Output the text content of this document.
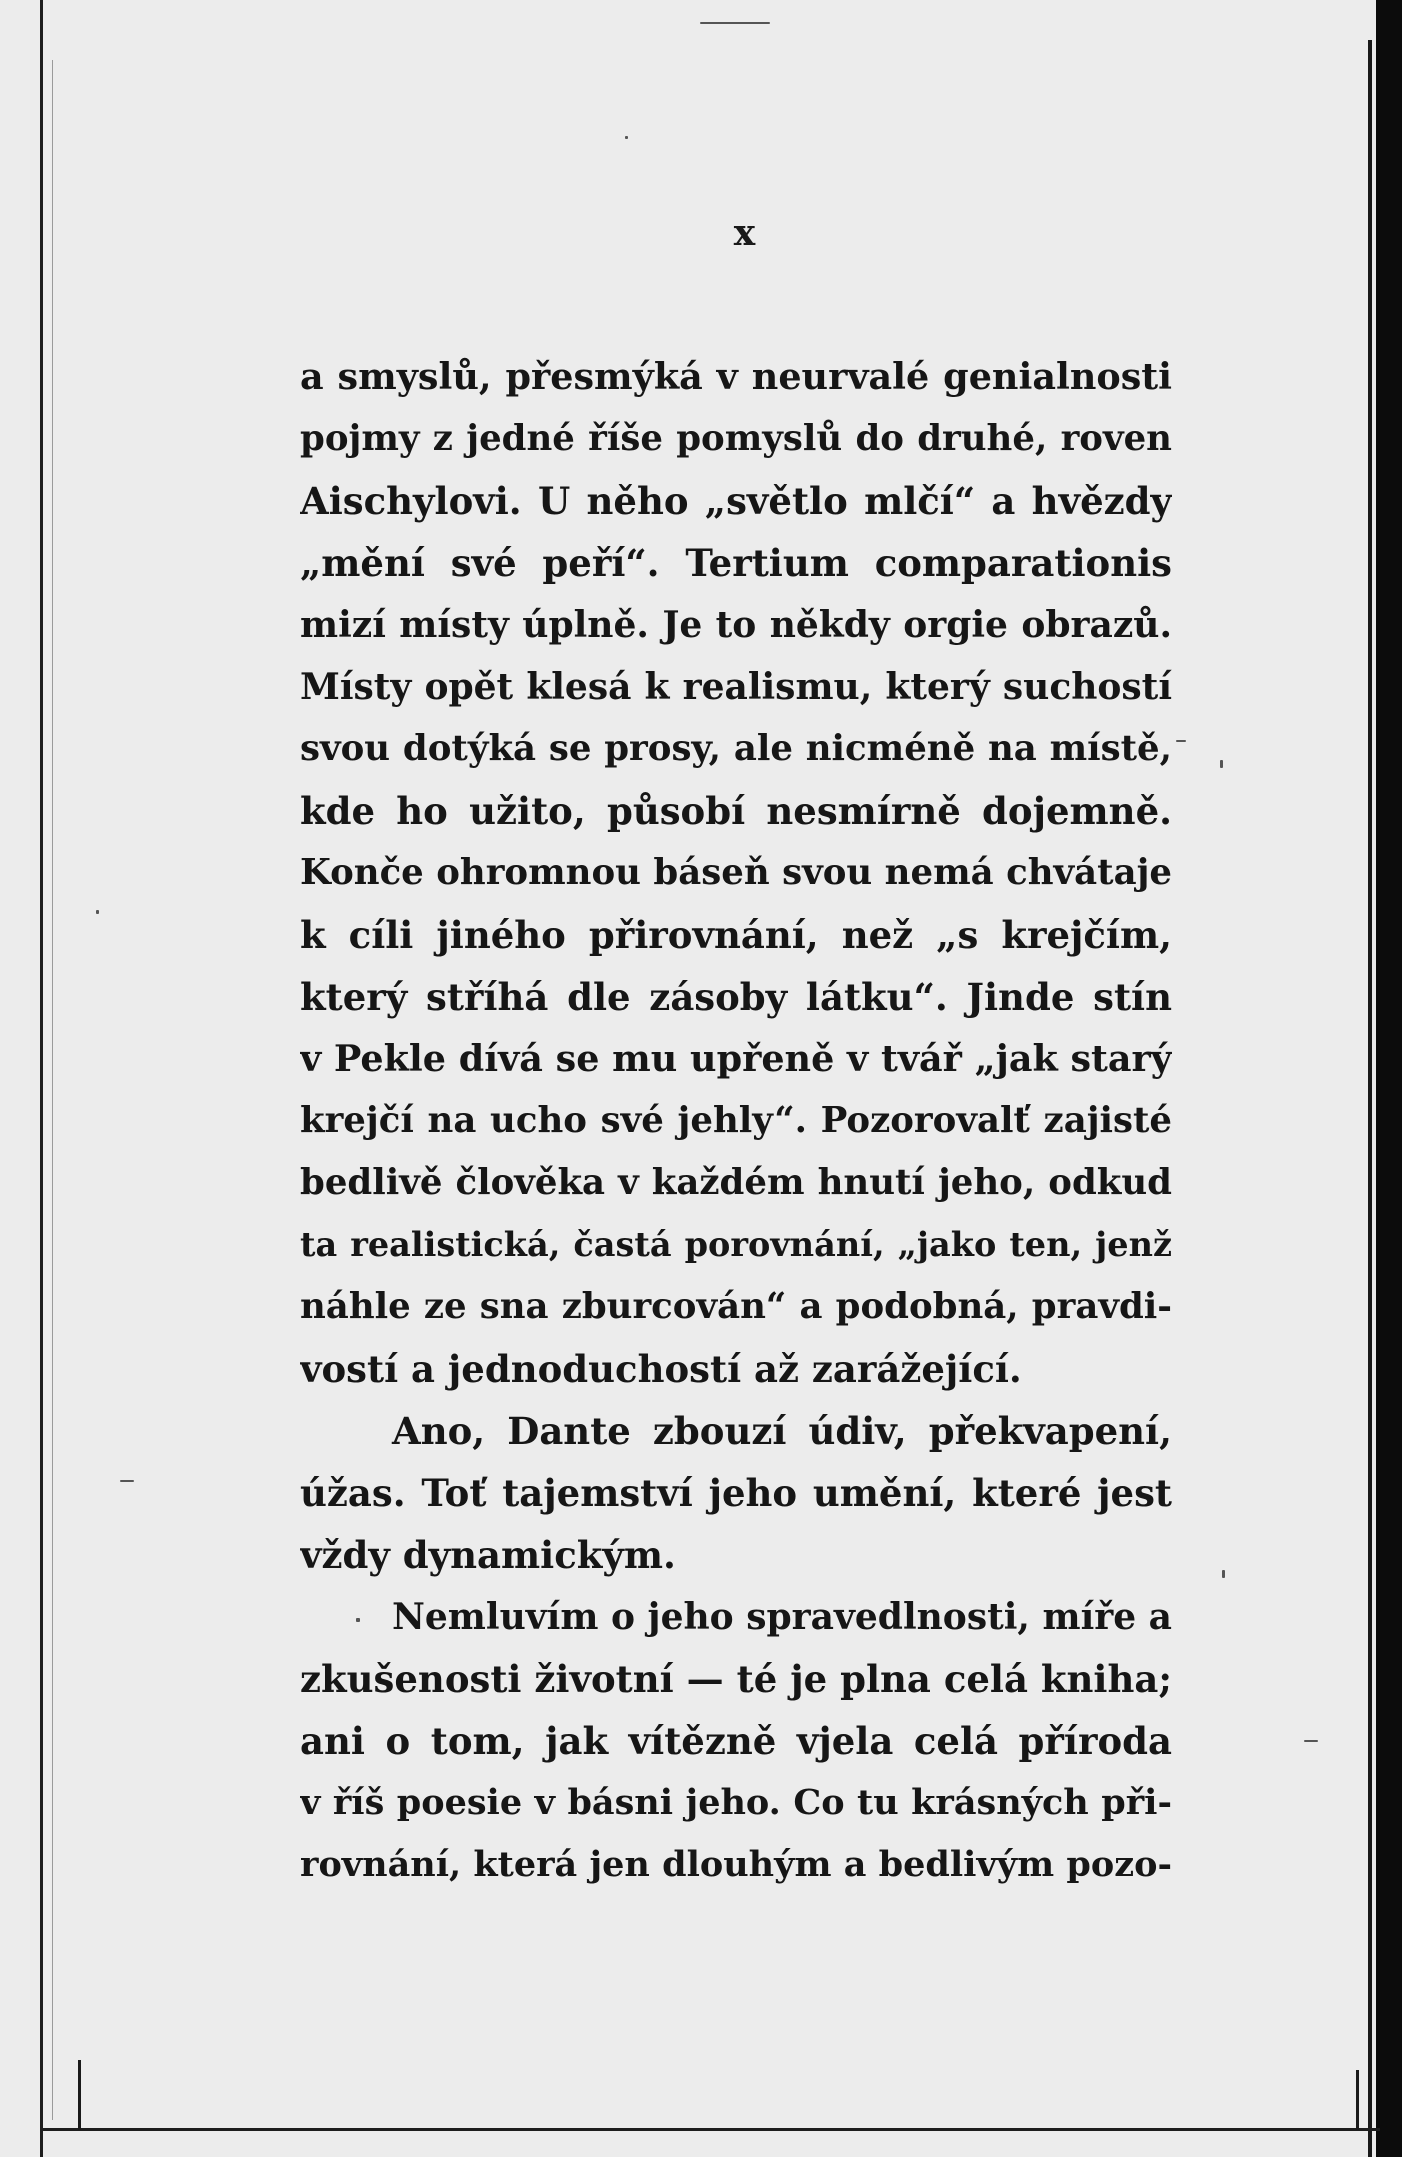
x
a smyslů, přesmýká v neurvalé genialnosti
pojmy z jedné říše pomyslů do druhé, roven
Aischylovi. U něho „světlo mlčí“ a hvězdy
„mění své peří“. Tertium comparationis
mizí místy úplně. Je to někdy orgie obrazů.
Místy opět klesá k realismu, který suchostí
svou dotýká se prosy, ale nicméně na místě,
kde ho užito, působí nesmírně dojemně.
Konče ohromnou báseň svou nemá chvátaje
k cíli jiného přirovnání, než „s krejčím,
který stříhá dle zásoby látku“. Jinde stín
v Pekle dívá se mu upřeně v tvář „jak starý
krejčí na ucho své jehly“. Pozorovalť zajisté
bedlivě člověka v každém hnutí jeho, odkud
ta realistická, častá porovnání, „jako ten, jenž
náhle ze sna zburcován“ a podobná, pravdi-
vostí a jednoduchostí až zarážející.
Ano, Dante zbouzí údiv, překvapení,
úžas. Toť tajemství jeho umění, které jest
vždy dynamickým.
Nemluvím o jeho spravedlnosti, míře a
zkušenosti životní — té je plna celá kniha;
ani o tom, jak vítězně vjela celá příroda
v říš poesie v básni jeho. Co tu krásných při-
rovnání, která jen dlouhým a bedlivým pozo-
